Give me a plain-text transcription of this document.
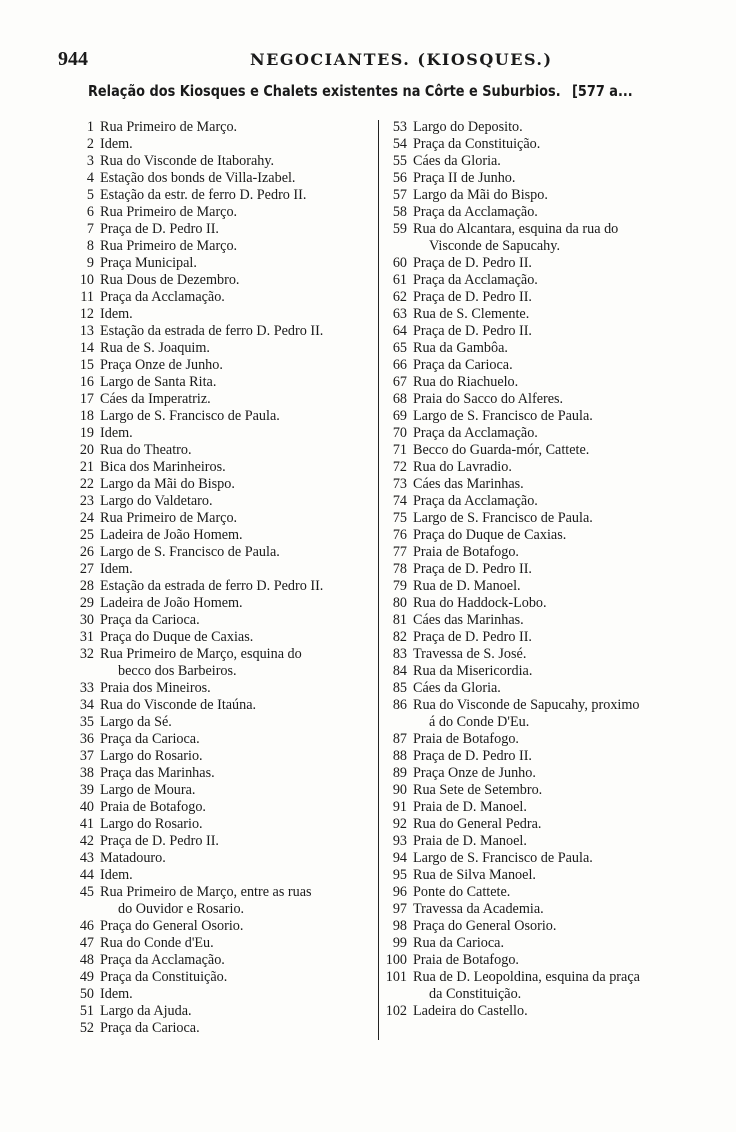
944	NEGOCIANTES. (KIOSQUES.)
Relação dos Kiosques e Chalets existentes na Côrte e Suburbios. [577 a...
1 Rua Primeiro de Março.
2 Idem.
3 Rua do Visconde de Itaborahy.
4 Estação dos bonds de Villa-Izabel.
5 Estação da estr. de ferro D. Pedro II.
6 Rua Primeiro de Março.
7 Praça de D. Pedro II.
8 Rua Primeiro de Março.
9 Praça Municipal.
10 Rua Dous de Dezembro.
11 Praça da Acclamação.
12 Idem.
13 Estação da estrada de ferro D. Pedro II.
14 Rua de S. Joaquim.
15 Praça Onze de Junho.
16 Largo de Santa Rita.
17 Cáes da Imperatriz.
18 Largo de S. Francisco de Paula.
19 Idem.
20 Rua do Theatro.
21 Bica dos Marinheiros.
22 Largo da Mãi do Bispo.
23 Largo do Valdetaro.
24 Rua Primeiro de Março.
25 Ladeira de João Homem.
26 Largo de S. Francisco de Paula.
27 Idem.
28 Estação da estrada de ferro D. Pedro II.
29 Ladeira de João Homem.
30 Praça da Carioca.
31 Praça do Duque de Caxias.
32 Rua Primeiro de Março, esquina do
becco dos Barbeiros.
33 Praia dos Mineiros.
34 Rua do Visconde de Itaúna.
35 Largo da Sé.
36 Praça da Carioca.
37 Largo do Rosario.
38 Praça das Marinhas.
39 Largo de Moura.
40 Praia de Botafogo.
41 Largo do Rosario.
42 Praça de D. Pedro II.
43 Matadouro.
44 Idem.
45 Rua Primeiro de Março, entre as ruas
do Ouvidor e Rosario.
46 Praça do General Osorio.
47 Rua do Conde d'Eu.
48 Praça da Acclamação.
49 Praça da Constituição.
50 Idem.
51 Largo da Ajuda.
52 Praça da Carioca.
53 Largo do Deposito.
54 Praça da Constituição.
55 Cáes da Gloria.
56 Praça II de Junho.
57 Largo da Mãi do Bispo.
58 Praça da Acclamação.
59 Rua do Alcantara, esquina da rua do
Visconde de Sapucahy.
60 Praça de D. Pedro II.
61 Praça da Acclamação.
62 Praça de D. Pedro II.
63 Rua de S. Clemente.
64 Praça de D. Pedro II.
65 Rua da Gambôa.
66 Praça da Carioca.
67 Rua do Riachuelo.
68 Praia do Sacco do Alferes.
69 Largo de S. Francisco de Paula.
70 Praça da Acclamação.
71 Becco do Guarda-mór, Cattete.
72 Rua do Lavradio.
73 Cáes das Marinhas.
74 Praça da Acclamação.
75 Largo de S. Francisco de Paula.
76 Praça do Duque de Caxias.
77 Praia de Botafogo.
78 Praça de D. Pedro II.
79 Rua de D. Manoel.
80 Rua do Haddock-Lobo.
81 Cáes das Marinhas.
82 Praça de D. Pedro II.
83 Travessa de S. José.
84 Rua da Misericordia.
85 Cáes da Gloria.
86 Rua do Visconde de Sapucahy, proximo
á do Conde D'Eu.
87 Praia de Botafogo.
88 Praça de D. Pedro II.
89 Praça Onze de Junho.
90 Rua Sete de Setembro.
91 Praia de D. Manoel.
92 Rua do General Pedra.
93 Praia de D. Manoel.
94 Largo de S. Francisco de Paula.
95 Rua de Silva Manoel.
96 Ponte do Cattete.
97 Travessa da Academia.
98 Praça do General Osorio.
99 Rua da Carioca.
100 Praia de Botafogo.
101 Rua de D. Leopoldina, esquina da praça
da Constituição.
102 Ladeira do Castello.
